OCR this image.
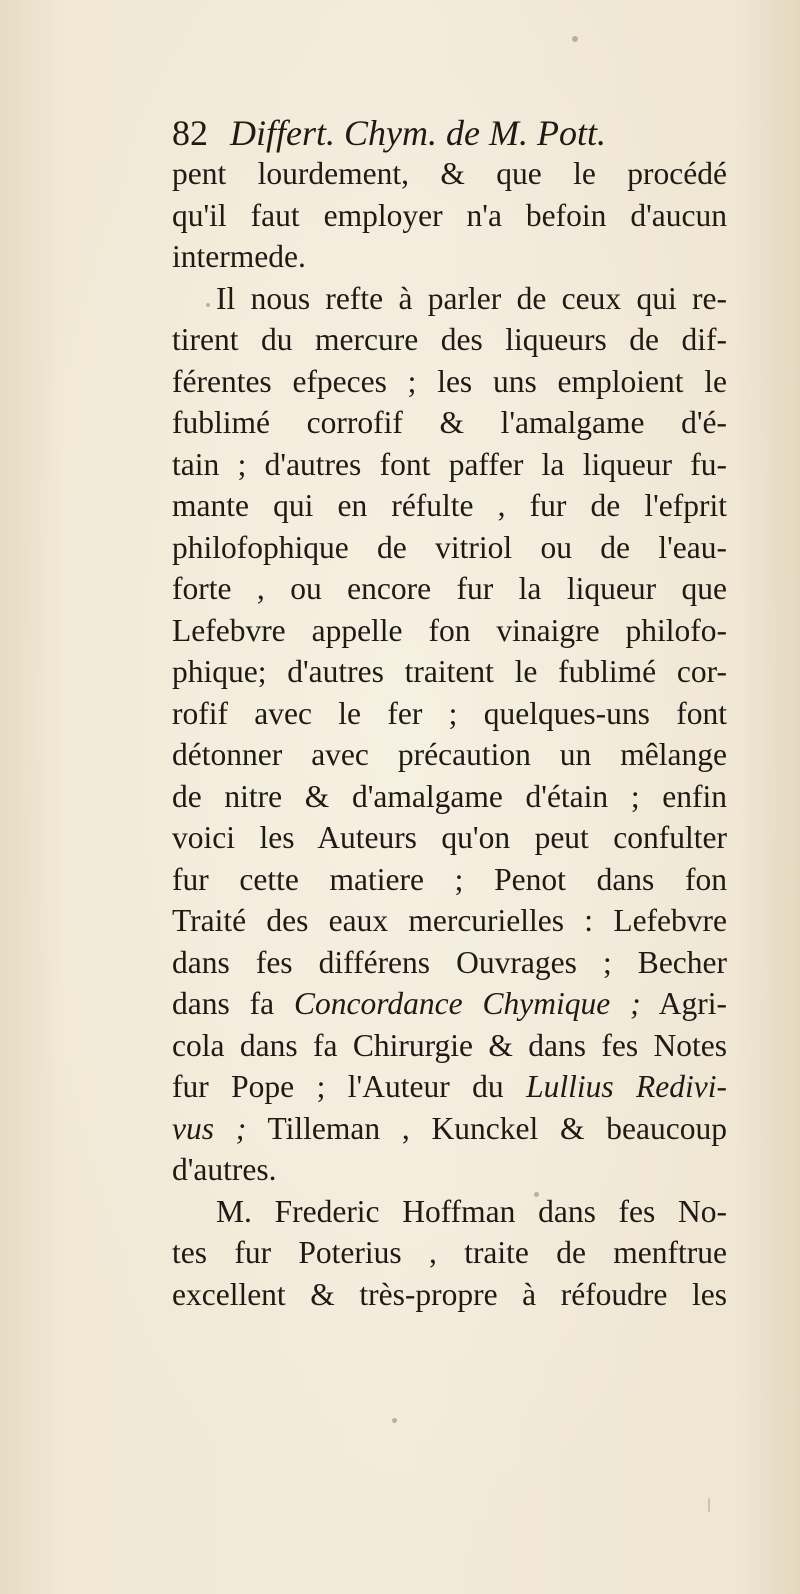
82 Differt. Chym. de M. Pott.
pent lourdement, & que le procédé
qu'il faut employer n'a befoin d'aucun
intermede.
Il nous refte à parler de ceux qui re-
tirent du mercure des liqueurs de dif-
férentes efpeces ; les uns emploient le
fublimé corrofif & l'amalgame d'é-
tain ; d'autres font paffer la liqueur fu-
mante qui en réfulte , fur de l'efprit
philofophique de vitriol ou de l'eau-
forte , ou encore fur la liqueur que
Lefebvre appelle fon vinaigre philofo-
phique; d'autres traitent le fublimé cor-
rofif avec le fer ; quelques-uns font
détonner avec précaution un mêlange
de nitre & d'amalgame d'étain ; enfin
voici les Auteurs qu'on peut confulter
fur cette matiere ; Penot dans fon
Traité des eaux mercurielles : Lefebvre
dans fes différens Ouvrages ; Becher
dans fa Concordance Chymique ; Agri-
cola dans fa Chirurgie & dans fes Notes
fur Pope ; l'Auteur du Lullius Redivi-
vus ; Tilleman , Kunckel & beaucoup
d'autres.
M. Frederic Hoffman dans fes No-
tes fur Poterius , traite de menftrue
excellent & très-propre à réfoudre les
